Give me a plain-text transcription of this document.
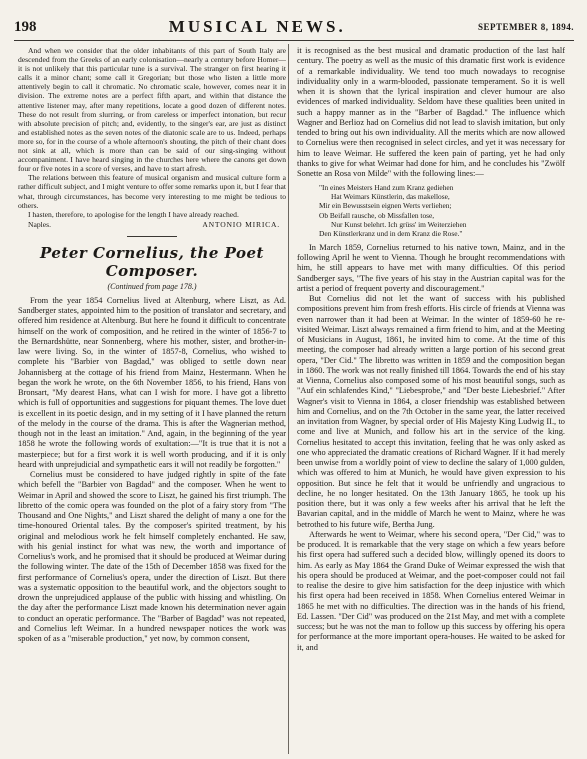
198	MUSICAL NEWS.	SEPTEMBER 8, 1894.

And when we consider that the older inhabitants of this part of South Italy are descended from the Greeks of an early colonisation—nearly a century before Homer—it is not unlikely that this particular tune is a survival. The stranger on first hearing it calls it a minor chant; some call it Gregorian; but those who listen a little more attentively begin to call it chromatic. No chromatic scale, however, comes near it in division. The extreme notes are a perfect fifth apart, and within that distance the attentive listener may, after many repetitions, locate a good dozen of different notes. These do not result from slurring, or from careless or imperfect intonation, but recur with absolute precision of pitch; and, evidently, to the singer's ear, are just as distinct and established notes as the seven notes of the diatonic scale are to us. Indeed, perhaps more so, for in the course of a whole afternoon's shouting, the pitch of their chant does not sink at all, which is more than can be said of our sing-singing without accompaniment. I have heard singing in the churches here where the canons get down four or five notes in a score of verses, and have to start afresh.

The relations between this feature of musical organism and musical culture form a rather difficult subject, and I might venture to offer some remarks upon it, but I fear that what, through circumstances, has become very interesting to me might be tedious to others.

I hasten, therefore, to apologise for the length I have already reached.

Naples.	ANTONIO MIRICA.
Peter Cornelius, the Poet Composer.
(Continued from page 178.)

From the year 1854 Cornelius lived at Altenburg, where Liszt, as Ad. Sandberger states, appointed him to the position of translator and secretary, and offered him residence at Altenburg. But here he found it difficult to concentrate himself on the work of composition, and he retired in the winter of 1856-7 to the Bernardshütte, near Sonnenberg, where his mother, sister, and brother-in-law were living. So, in the winter of 1857-8, Cornelius, who wished to complete his "Barbier von Bagdad," was obliged to settle down near Johannisberg at the cottage of his friend from Mainz, Hestermann. When he began the work he wrote, on the 6th November 1856, to his friend, Hans von Bronsart, "My dearest Hans, what can I wish for more. I have got a libretto which is full of opportunities and suggestions for piquant themes. The love duet is excellent in its poetic design, and in my setting of it I have planned the return of the melody in the course of the drama. This is after the Wagnerian method, though not in the least an imitation." And, again, in the beginning of the year 1858 he wrote the following words of exultation:—"It is true that it is not a masterpiece; but for a first work it is well worth producing, and if it is only heard with unprejudicial and sympathetic ears it will not readily be forgotten."

Cornelius must be considered to have judged rightly in spite of the fate which befell the "Barbier von Bagdad" and the composer. When he went to Weimar in April and showed the score to Liszt, he gained his first triumph. The libretto of the comic opera was founded on the plot of a fairy story from "The Thousand and One Nights," and Liszt shared the delight of many a one for the time-honoured Oriental tales. By the composer's spirited treatment, by his original and melodious work he felt himself completely enchanted. He saw, with his genial instinct for what was new, the worth and importance of Cornelius's work, and he promised that it should be produced at Weimar during the following winter. The date of the 15th of December 1858 was fixed for the first performance of Cornelius's opera, under the direction of Liszt. But there was a systematic opposition to the beautiful work, and the objectors sought to drown the unprejudiced applause of the public with hissing and whistling. On the day after the performance Liszt made known his determination never again to conduct an operatic performance. The "Barber of Bagdad" was not repeated, and Cornelius left Weimar. In a hundred newspaper notices the work was spoken of as a "miserable production," yet now, by common consent,

it is recognised as the best musical and dramatic production of the last half century. The poetry as well as the music of this dramatic first work is evidence of a remarkable individuality. We tend too much nowadays to recognise individuality only in a warm-blooded, passionate temperament. So it is well when it is shown that the lyrical inspiration and clever humour are also evidences of marked individuality. Seldom have these qualities been united in such a happy manner as in the "Barber of Bagdad." The influence which Wagner and Berlioz had on Cornelius did not lead to slavish imitation, but only tended to bring out his own individuality. All the merits which are now allowed to Cornelius were then recognised in select circles, and yet it was necessary for him to leave Weimar. He suffered the keen pain of parting, yet he had only thanks to give for what Weimar had done for him, and he concludes his "Zwölf Sonette an Rosa von Milde" with the following lines:—

"In eines Meisters Hand zum Kranz gediehen
Hat Weimars Künstlerin, das makellose,
Mir ein Bewusstsein eignen Werts verliehen;
Ob Beifall rausche, ob Missfallen tose,
Nur Kunst belehrt. Ich grüss' im Weiterziehen
Den Künstlerkranz und in dem Kranz die Rose."

In March 1859, Cornelius returned to his native town, Mainz, and in the following April he went to Vienna. Though he brought recommendations with him, he still appears to have met with many difficulties. Of this period Sandberger says, "The five years of his stay in the Austrian capital was for the artist a period of frequent poverty and discouragement."

But Cornelius did not let the want of success with his published compositions prevent him from fresh efforts. His circle of friends at Vienna was even narrower than it had been at Weimar. In the winter of 1859-60 he re-visited Weimar. Liszt always remained a firm friend to him, and at the Meeting of Musicians in August, 1861, he invited him to come. At the time of this meeting, the composer had already written a large portion of his second great opera, "Der Cid." The libretto was written in 1859 and the composition began in 1860. The work was not really finished till 1864. Towards the end of his stay at Vienna, Cornelius also composed some of his most beautiful songs, such as "Auf ein schlafendes Kind," "Liebesprobe," and "Der beste Liebesbrief." After Wagner's visit to Vienna in 1864, a closer friendship was established between him and Cornelius, and on the 7th October in the same year, the latter received an invitation from Wagner, by special order of His Majesty King Ludwig II., to come and live at Munich, and follow his art in the service of the king. Cornelius hesitated to accept this invitation, feeling that he was only asked as one who appreciated the dramatic creations of Richard Wagner. If it had merely been unwise from a worldly point of view to decline the salary of 1,000 gulden, which was offered to him at Munich, he would have given expression to his opposition. But since he felt that it would be unfriendly and ungracious to decline, he no longer hesitated. On the 13th January 1865, he took up his position there, but it was only a few weeks after his arrival that he left the Bavarian capital, and in the middle of March he went to Mainz, where he was betrothed to his future wife, Bertha Jung.

Afterwards he went to Weimar, where his second opera, "Der Cid," was to be produced. It is remarkable that the very stage on which a few years before his first opera had suffered such a decided blow, willingly opened its doors to him. As early as May 1864 the Grand Duke of Weimar expressed the wish that his opera should be produced at Weimar, and the poet-composer could not fail to realise the desire to give him satisfaction for the deep injustice with which his first opera had been received in 1858. When Cornelius entered Weimar in 1865 he met with no difficulties. The direction was in the hands of his friend, Ed. Lassen. "Der Cid" was produced on the 21st May, and met with a complete success; but he was not the man to follow up this success by offering his opera for performance at the more important opera-houses. He waited to be asked for it, and
